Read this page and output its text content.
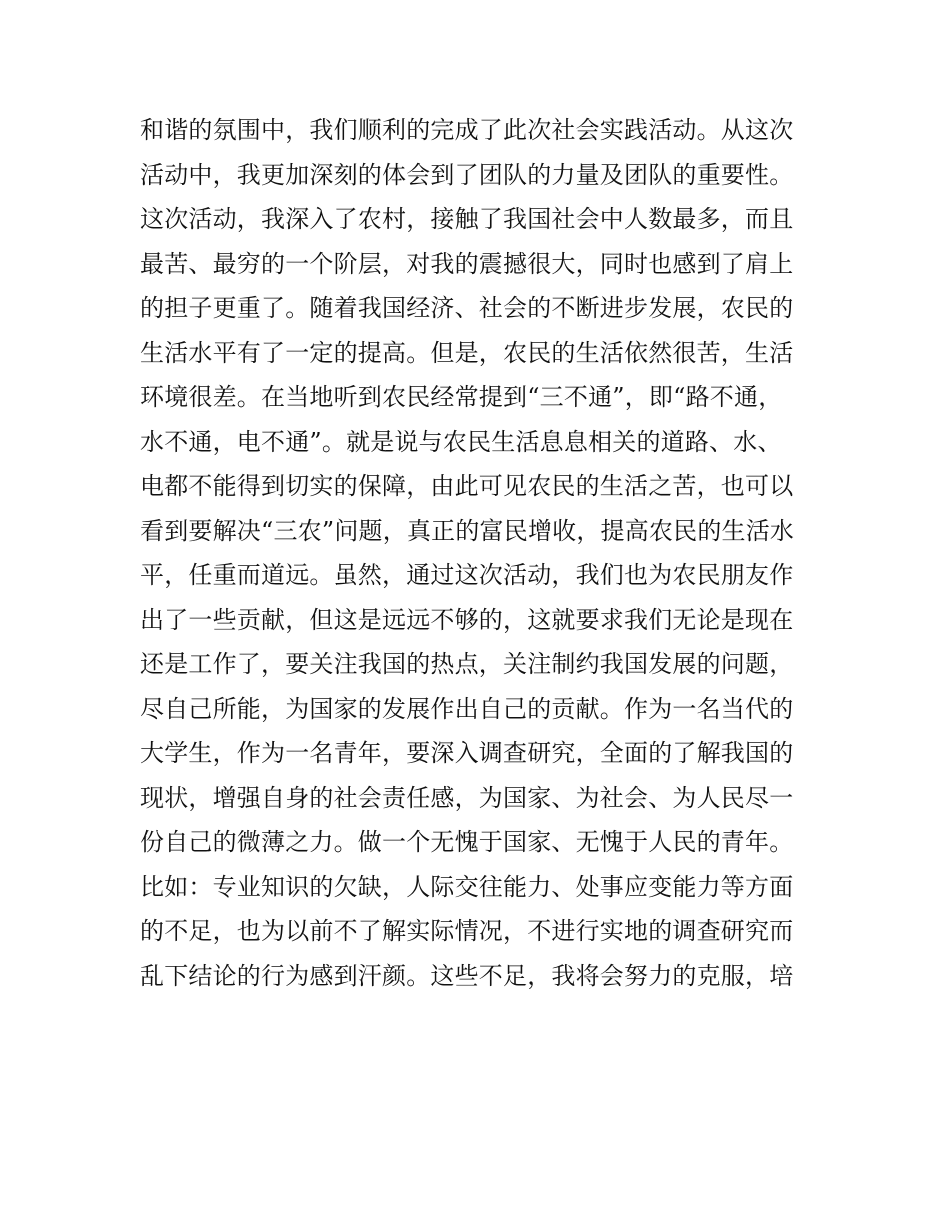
和谐的氛围中，我们顺利的完成了此次社会实践活动。从这次
活动中，我更加深刻的体会到了团队的力量及团队的重要性。
这次活动，我深入了农村，接触了我国社会中人数最多，而且
最苦、最穷的一个阶层，对我的震撼很大，同时也感到了肩上
的担子更重了。随着我国经济、社会的不断进步发展，农民的
生活水平有了一定的提高。但是，农民的生活依然很苦，生活
环境很差。在当地听到农民经常提到“三不通”，即“路不通，
水不通，电不通”。就是说与农民生活息息相关的道路、水、
电都不能得到切实的保障，由此可见农民的生活之苦，也可以
看到要解决“三农”问题，真正的富民增收，提高农民的生活水
平，任重而道远。虽然，通过这次活动，我们也为农民朋友作
出了一些贡献，但这是远远不够的，这就要求我们无论是现在
还是工作了，要关注我国的热点，关注制约我国发展的问题，
尽自己所能，为国家的发展作出自己的贡献。作为一名当代的
大学生，作为一名青年，要深入调查研究，全面的了解我国的
现状，增强自身的社会责任感，为国家、为社会、为人民尽一
份自己的微薄之力。做一个无愧于国家、无愧于人民的青年。
比如：专业知识的欠缺，人际交往能力、处事应变能力等方面
的不足，也为以前不了解实际情况，不进行实地的调查研究而
乱下结论的行为感到汗颜。这些不足，我将会努力的克服，培
